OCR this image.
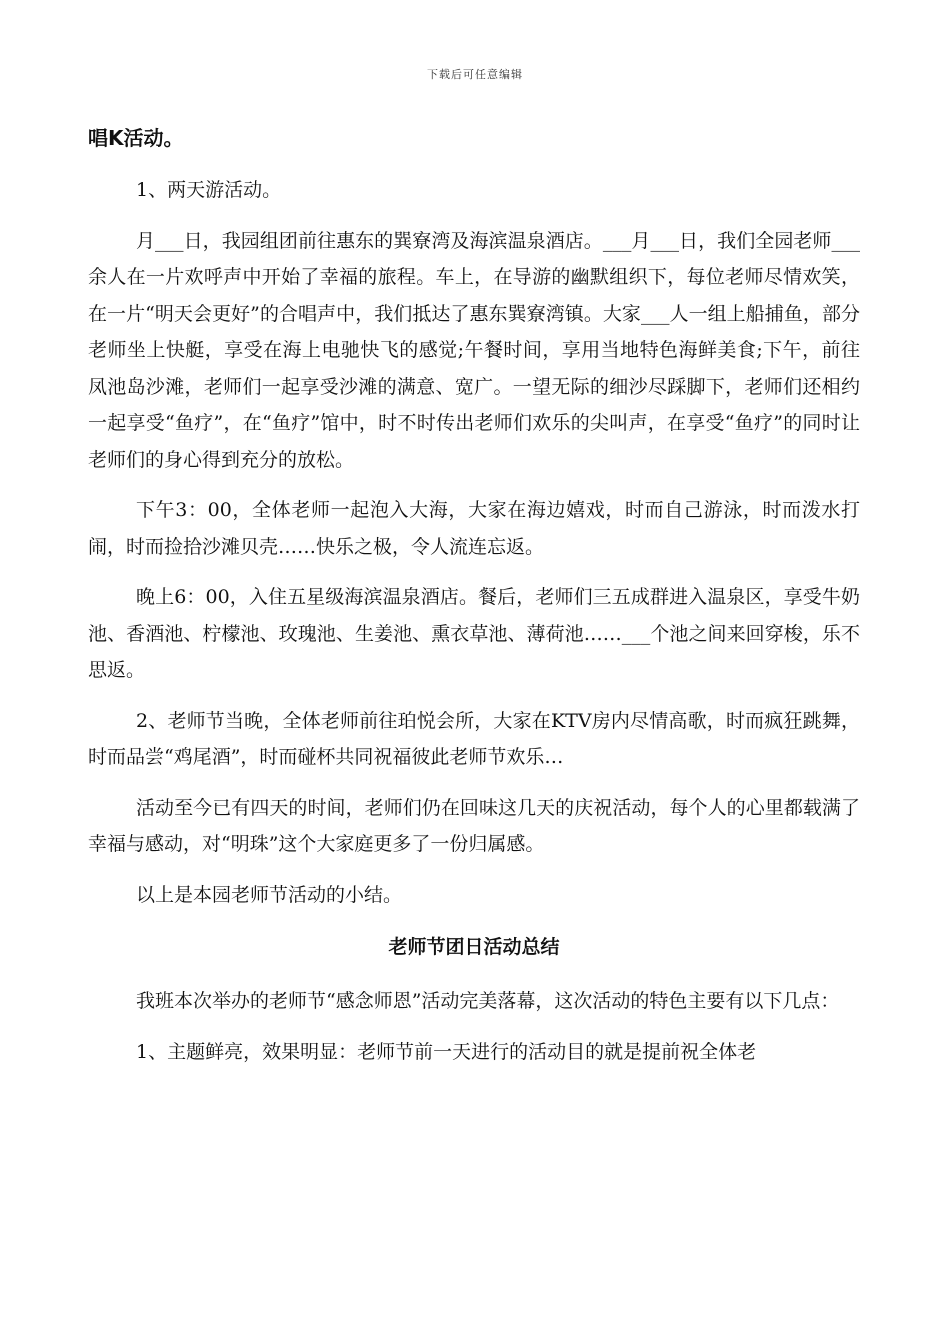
下载后可任意编辑
唱K活动。

1、两天游活动。

月___日，我园组团前往惠东的巽寮湾及海滨温泉酒店。___月___日，我们全园老师___余人在一片欢呼声中开始了幸福的旅程。车上，在导游的幽默组织下，每位老师尽情欢笑，在一片“明天会更好”的合唱声中，我们抵达了惠东巽寮湾镇。大家___人一组上船捕鱼，部分老师坐上快艇，享受在海上电驰快飞的感觉;午餐时间，享用当地特色海鲜美食;下午，前往凤池岛沙滩，老师们一起享受沙滩的满意、宽广。一望无际的细沙尽踩脚下，老师们还相约一起享受“鱼疗”，在“鱼疗”馆中，时不时传出老师们欢乐的尖叫声，在享受“鱼疗”的同时让老师们的身心得到充分的放松。

下午3：00，全体老师一起泡入大海，大家在海边嬉戏，时而自己游泳，时而泼水打闹，时而捡拾沙滩贝壳……快乐之极，令人流连忘返。

晚上6：00，入住五星级海滨温泉酒店。餐后，老师们三五成群进入温泉区，享受牛奶池、香酒池、柠檬池、玫瑰池、生姜池、熏衣草池、薄荷池……___个池之间来回穿梭，乐不思返。

2、老师节当晚，全体老师前往珀悦会所，大家在KTV房内尽情高歌，时而疯狂跳舞，时而品尝“鸡尾酒”，时而碰杯共同祝福彼此老师节欢乐…

活动至今已有四天的时间，老师们仍在回味这几天的庆祝活动，每个人的心里都载满了幸福与感动，对“明珠”这个大家庭更多了一份归属感。

以上是本园老师节活动的小结。

老师节团日活动总结

我班本次举办的老师节“感念师恩”活动完美落幕，这次活动的特色主要有以下几点：

1、主题鲜亮，效果明显：老师节前一天进行的活动目的就是提前祝全体老
